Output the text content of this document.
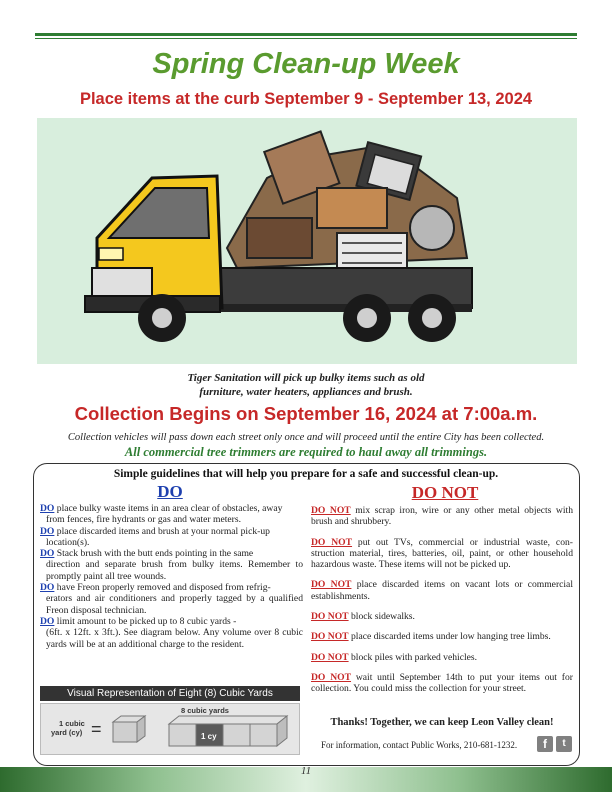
Spring Clean-up Week
Place items at the curb September 9 - September 13, 2024
Tiger Sanitation will pick up bulky items such as old
furniture, water heaters, appliances and brush.
Collection Begins on September 16, 2024 at 7:00a.m.
Collection vehicles will pass down each street only once and will proceed until the entire City has been collected.
All commercial tree trimmers are required to haul away all trimmings.
Simple guidelines that will help you prepare for a safe and successful clean-up.
DO	DO NOT
DO place bulky waste items in an area clear of obstacles, away
from fences, fire hydrants or gas and water meters.
DO place discarded items and brush at your normal pick-up
location(s).
DO Stack brush with the butt ends pointing in the same
direction and separate brush from bulky items. Remember to promptly paint all tree wounds.
DO have Freon properly removed and disposed from refrig-
erators and air conditioners and properly tagged by a qualified Freon disposal technician.
DO limit amount to be picked up to 8 cubic yards -
(6ft. x 12ft. x 3ft.). See diagram below. Any volume over 8 cubic yards will be at an additional charge to the resident.
DO NOT mix scrap iron, wire or any other metal objects with brush and shrubbery.
DO NOT put out TVs, commercial or industrial waste, con-struction material, tires, batteries, oil, paint, or other household hazardous waste. These items will not be picked up.
DO NOT place discarded items on vacant lots or commercial establishments.
DO NOT block sidewalks.
DO NOT place discarded items under low hanging tree limbs.
DO NOT block piles with parked vehicles.
DO NOT wait until September 14th to put your items out for collection. You could miss the collection for your street.
Visual Representation of Eight (8) Cubic Yards
1 cubic
yard (cy) =
8 cubic yards
1 cy
Thanks! Together, we can keep Leon Valley clean!
For information, contact Public Works, 210-681-1232.	f	t
11
